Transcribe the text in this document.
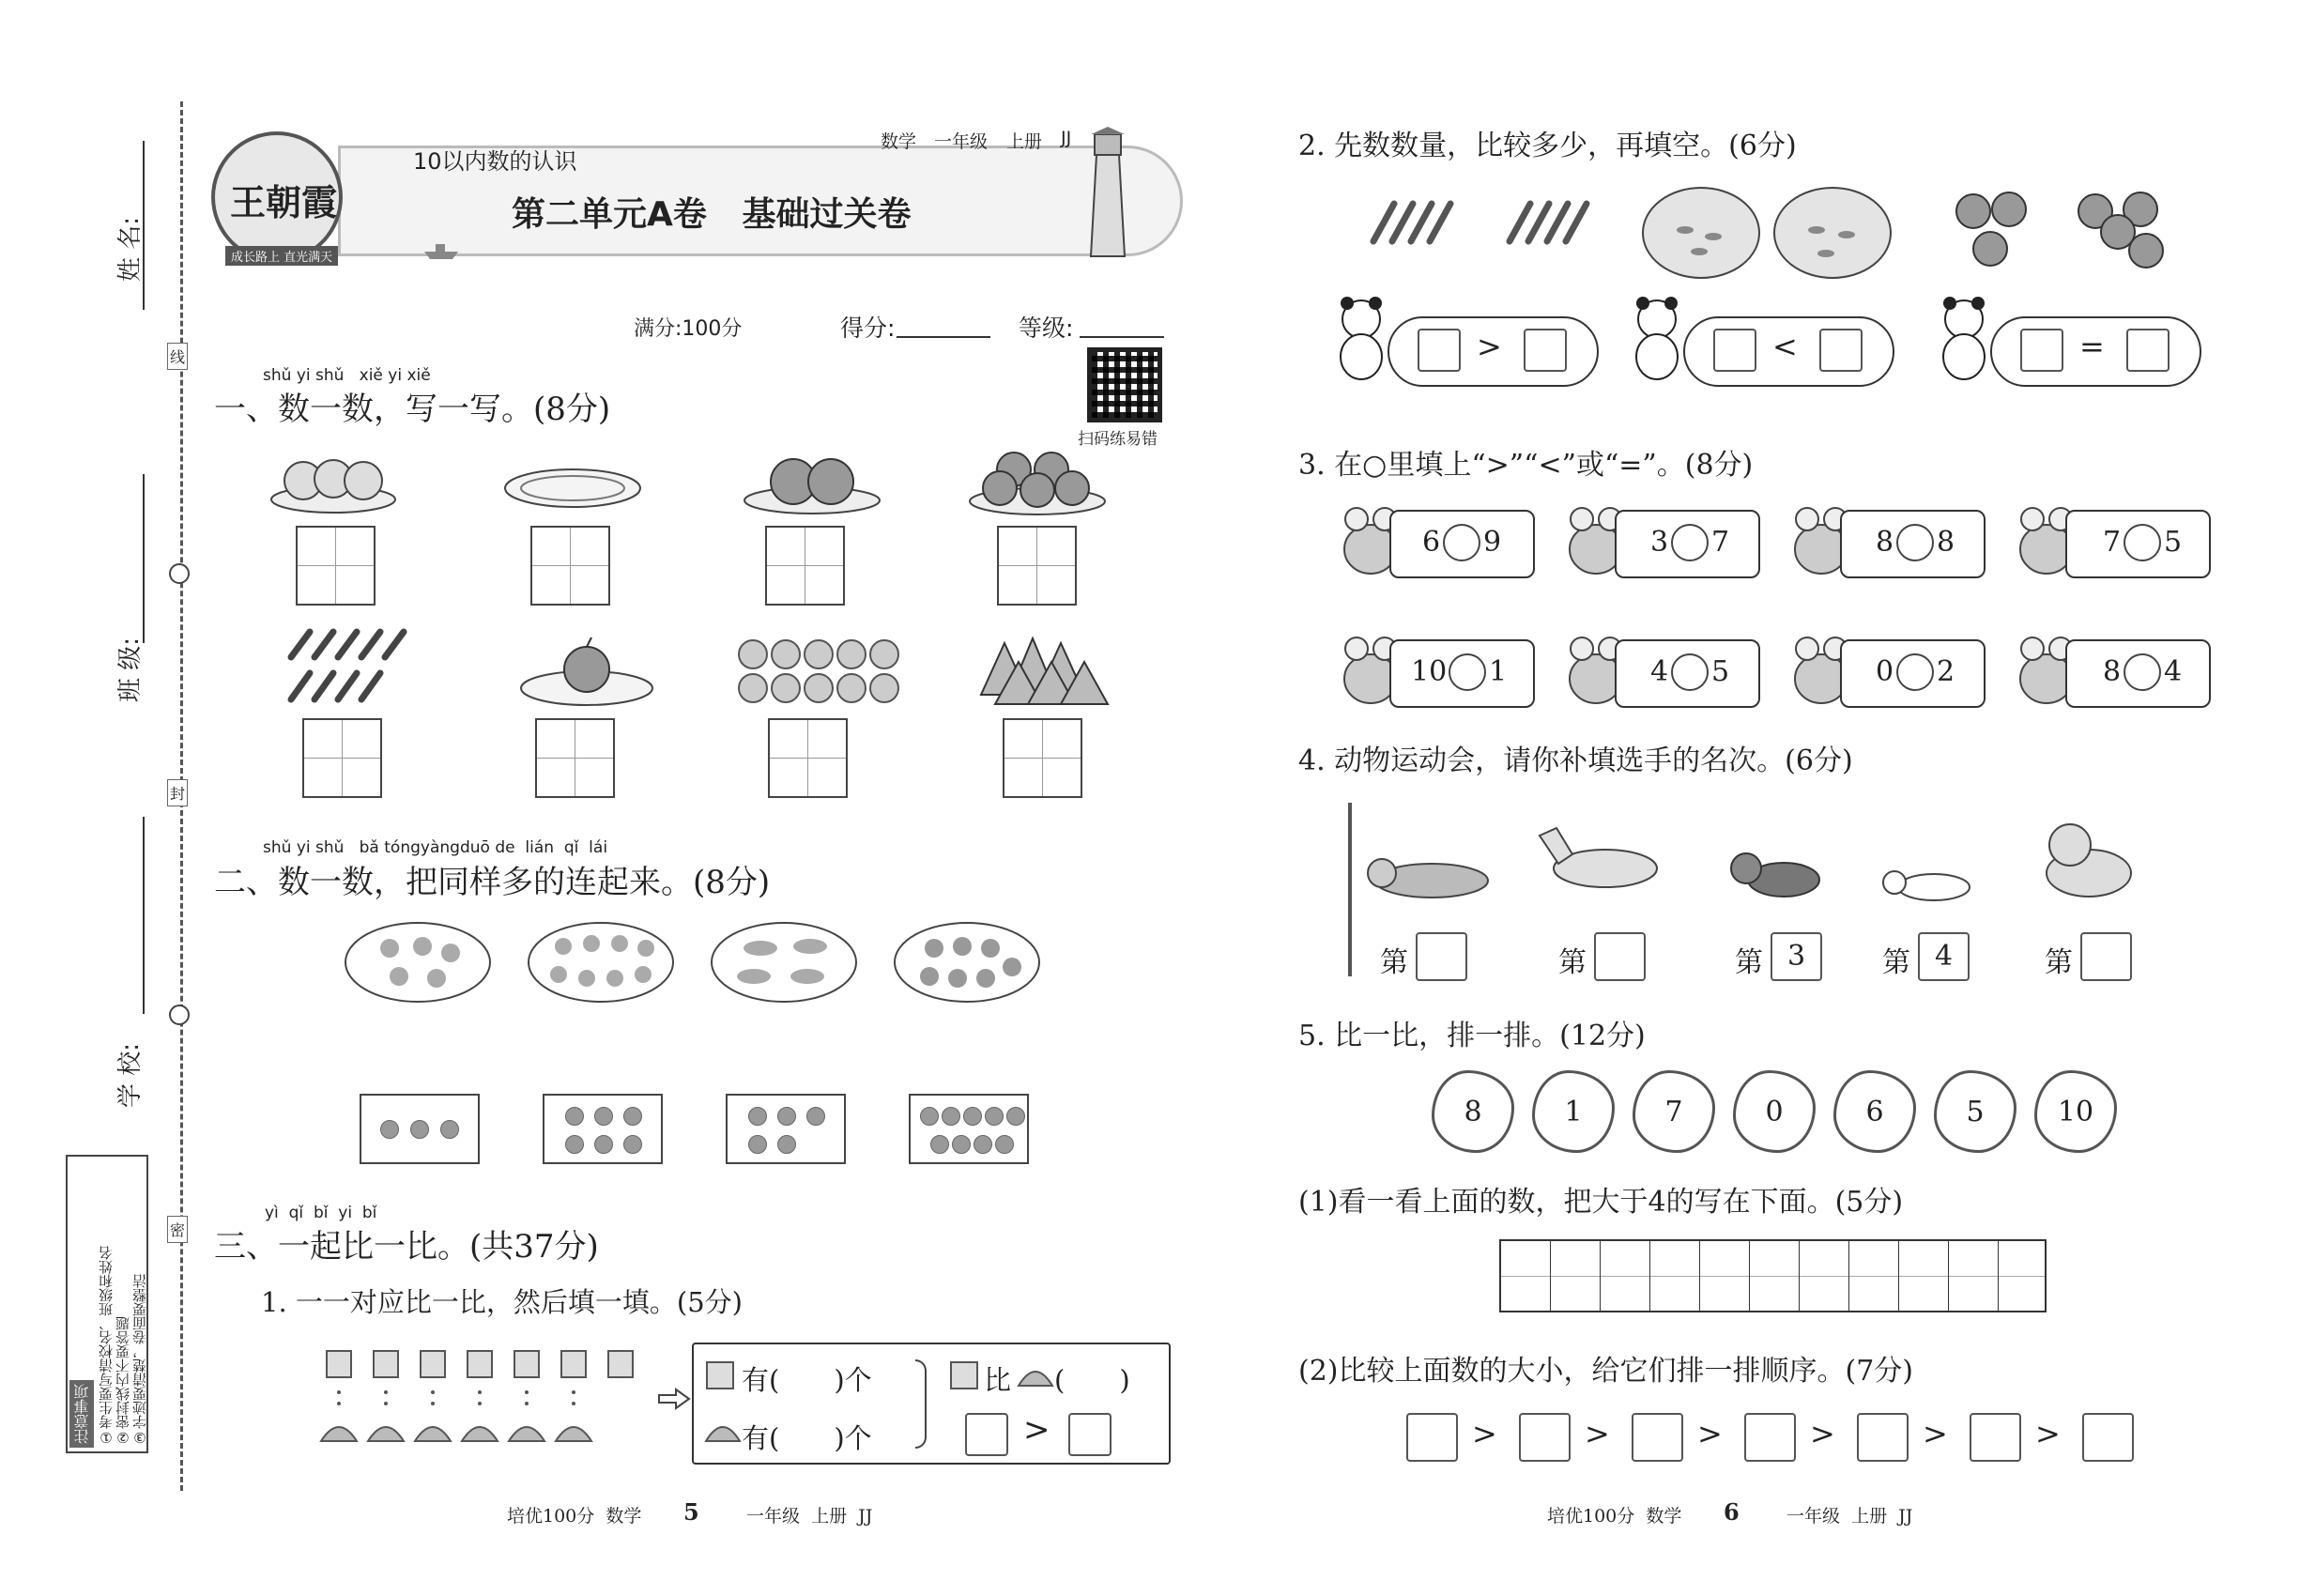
姓 名:
班 级:
学 校:
线
封
密
注意事项 ①考生要写清校名、班级和姓名 ②密封线内不要答题 ③字迹要清楚，卷面要整洁
王朝霞
成长路上 直光满天
10以内数的认识
数学 一年级 上册 JJ
第二单元A卷   基础过关卷
满分:100分	得分:	等级:
扫码练易错
shǔ yi shǔ xiě yi xiě
一、数一数，写一写。(8分)
shǔ yi shǔ bǎ tóngyàngduō de lián qǐ lái
二、数一数，把同样多的连起来。(8分)
yì qǐ bǐ yi bǐ
三、一起比一比。(共37分)
1. 一一对应比一比，然后填一填。(5分)
有(　　)个
有(　　)个
比 (　　)
>
2. 先数数量，比较多少，再填空。(6分)
>	<	=
3. 在○里填上“>”“<”或“=”。(8分)
6 9	3 7	8 8	7 5
10 1	4 5	0 2	8 4
4. 动物运动会，请你补填选手的名次。(6分)
第	第	第 3	第 4	第
5. 比一比，排一排。(12分)
8	1	7	0	6	5	10
(1)看一看上面的数，把大于4的写在下面。(5分)
(2)比较上面数的大小，给它们排一排顺序。(7分)
>	>	>	>	>	>
培优100分  数学 5	一年级  上册  JJ	培优100分  数学 6	一年级  上册  JJ
